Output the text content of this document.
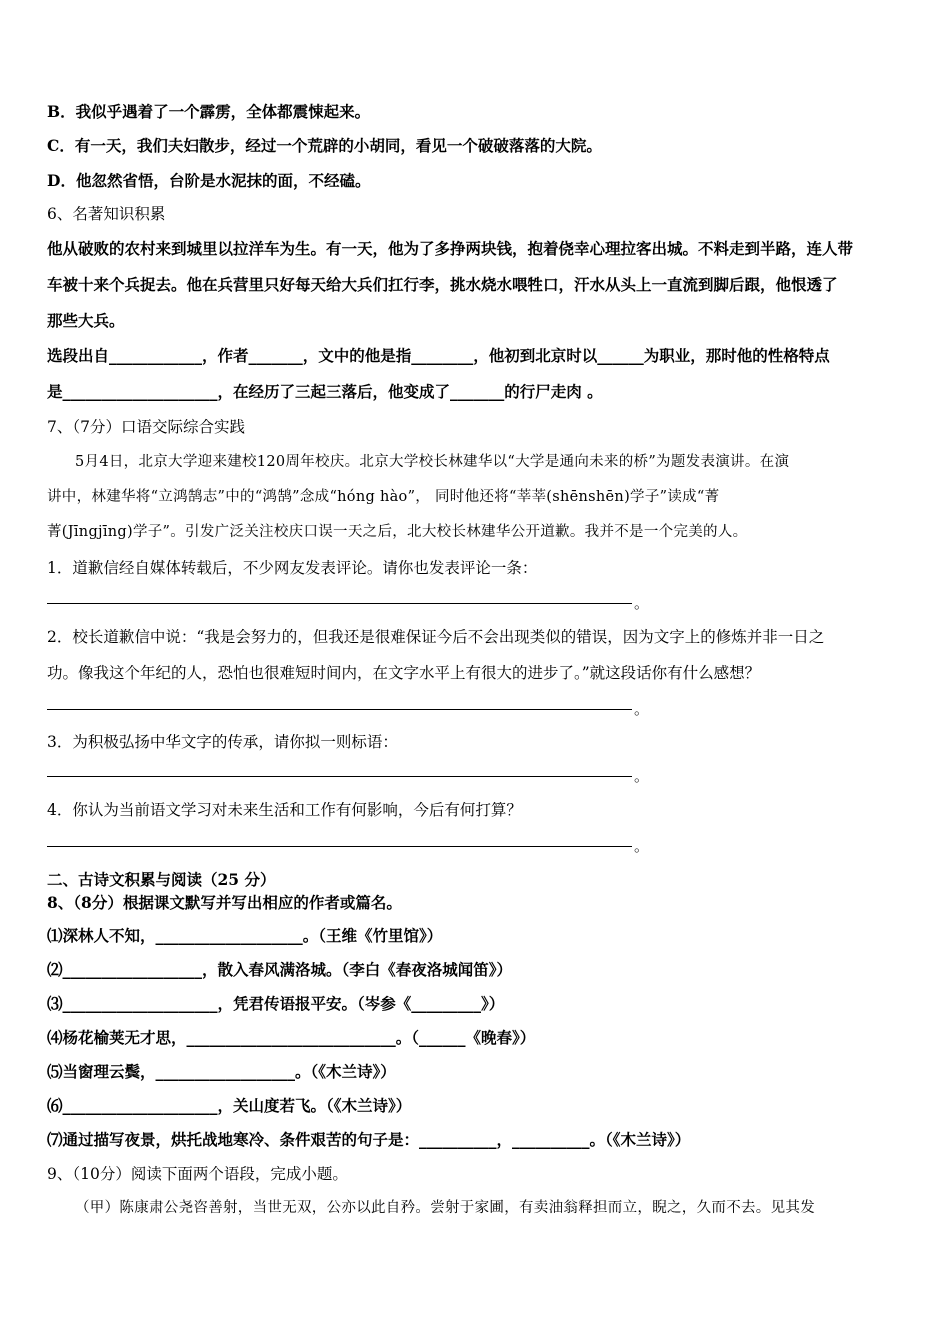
B．我似乎遇着了一个霹雳，全体都震悚起来。
C．有一天，我们夫妇散步，经过一个荒辟的小胡同，看见一个破破落落的大院。
D．他忽然省悟，台阶是水泥抹的面，不经磕。
6、名著知识积累
他从破败的农村来到城里以拉洋车为生。有一天，他为了多挣两块钱，抱着侥幸心理拉客出城。不料走到半路，连人带
车被十来个兵捉去。他在兵营里只好每天给大兵们扛行李，挑水烧水喂牲口，汗水从头上一直流到脚后跟，他恨透了
那些大兵。
选段出自____________，作者_______，文中的他是指________，他初到北京时以______为职业，那时他的性格特点
是____________________，在经历了三起三落后，他变成了_______的行尸走肉 。
7、（7分）口语交际综合实践
5月4日，北京大学迎来建校120周年校庆。北京大学校长林建华以“大学是通向未来的桥”为题发表演讲。在演
讲中，林建华将“立鸿鹄志”中的“鸿鹄”念成“hóng hào”， 同时他还将“莘莘(shēnshēn)学子”读成“菁
菁(Jīngjīng)学子”。引发广泛关注校庆口误一天之后，北大校长林建华公开道歉。我并不是一个完美的人。
1．道歉信经自媒体转载后，不少网友发表评论。请你也发表评论一条：
。
2．校长道歉信中说：“我是会努力的，但我还是很难保证今后不会出现类似的错误，因为文字上的修炼并非一日之
功。像我这个年纪的人，恐怕也很难短时间内，在文字水平上有很大的进步了。”就这段话你有什么感想？
。
3．为积极弘扬中华文字的传承，请你拟一则标语：
。
4．你认为当前语文学习对未来生活和工作有何影响，今后有何打算？
。
二、古诗文积累与阅读（25 分）
8、（8分）根据课文默写并写出相应的作者或篇名。
⑴深林人不知，___________________。（王维《竹里馆》）
⑵__________________，散入春风满洛城。（李白《春夜洛城闻笛》）
⑶____________________，凭君传语报平安。（岑参《_________》）
⑷杨花榆荚无才思，___________________________。（______《晚春》）
⑸当窗理云鬓，__________________。（《木兰诗》）
⑹____________________，关山度若飞。（《木兰诗》）
⑺通过描写夜景，烘托战地寒冷、条件艰苦的句子是：__________，__________。（《木兰诗》）
9、（10分）阅读下面两个语段，完成小题。
（甲）陈康肃公尧咨善射，当世无双，公亦以此自矜。尝射于家圃，有卖油翁释担而立，睨之，久而不去。见其发
